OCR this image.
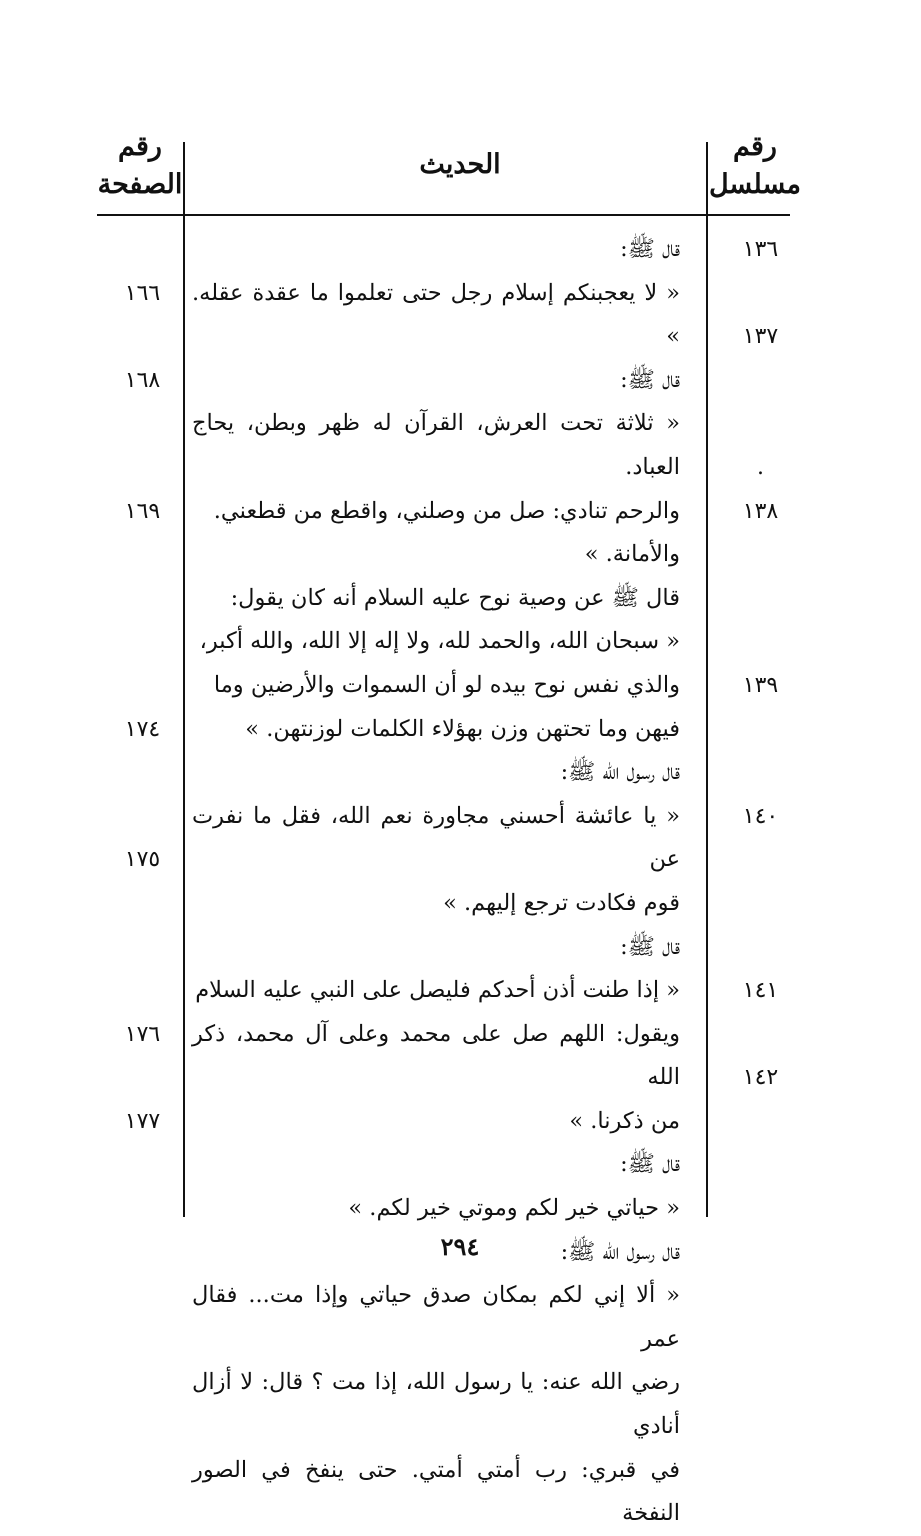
رقم
مسلسل
الحديث
رقم
الصفحة

قال ﷺ:

« لا يعجبنكم إسلام رجل حتى تعلموا ما عقدة عقله. »

قال ﷺ:

« ثلاثة تحت العرش، القرآن له ظهر وبطن، يحاج العباد.

والرحم تنادي: صل من وصلني، واقطع من قطعني.

والأمانة. »

قال ﷺ عن وصية نوح عليه السلام أنه كان يقول:

« سبحان الله، والحمد لله، ولا إله إلا الله، والله أكبر،

والذي نفس نوح بيده لو أن السموات والأرضين وما

فيهن وما تحتهن وزن بهؤلاء الكلمات لوزنتهن. »

قال رسول الله ﷺ:

« يا عائشة أحسني مجاورة نعم الله، فقل ما نفرت عن

قوم فكادت ترجع إليهم. »

قال ﷺ:

« إذا طنت أذن أحدكم فليصل على النبي عليه السلام

ويقول: اللهم صل على محمد وعلى آل محمد، ذكر الله

من ذكرنا. »

قال ﷺ:

« حياتي خير لكم وموتي خير لكم. »

قال رسول الله ﷺ:

« ألا إني لكم بمكان صدق حياتي وإذا مت... فقال عمر

رضي الله عنه: يا رسول الله، إذا مت ؟ قال: لا أزال أنادي

في قبري: رب أمتي أمتي. حتى ينفخ في الصور النفخة

١٣٦
١٣٧
.
١٣٨
١٣٩
١٤٠
١٤١
١٤٢
١٦٦
١٦٨
١٦٩
١٧٤
١٧٥
١٧٦
١٧٧
٢٩٤
